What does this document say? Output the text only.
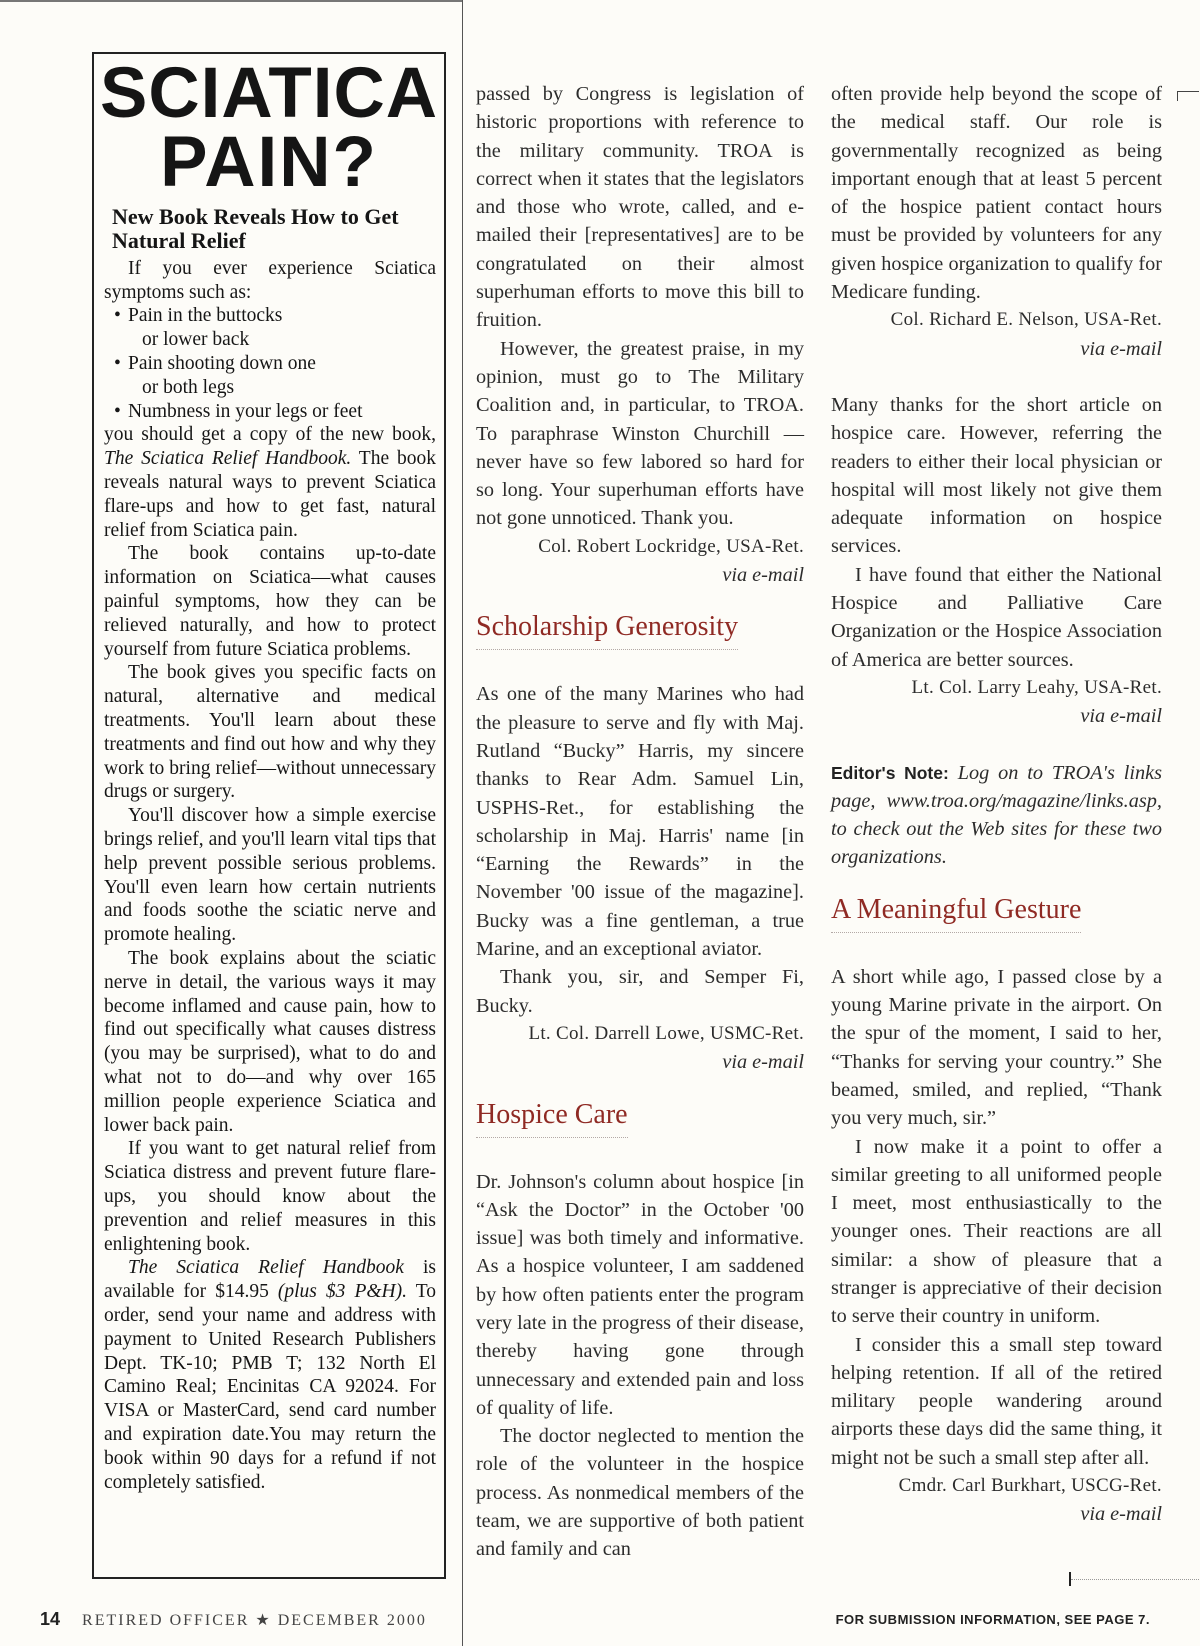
SCIATICA
PAIN?
New Book Reveals How to Get Natural Relief

If you ever experience Sciatica symptoms such as:

• Pain in the buttocks
or lower back
• Pain shooting down one
or both legs
• Numbness in your legs or feet

you should get a copy of the new book, The Sciatica Relief Handbook. The book reveals natural ways to prevent Sciatica flare-ups and how to get fast, natural relief from Sciatica pain.

The book contains up-to-date information on Sciatica—what causes painful symptoms, how they can be relieved naturally, and how to protect yourself from future Sciatica problems.

The book gives you specific facts on natural, alternative and medical treatments. You'll learn about these treatments and find out how and why they work to bring relief—without unnecessary drugs or surgery.

You'll discover how a simple exercise brings relief, and you'll learn vital tips that help prevent possible serious problems. You'll even learn how certain nutrients and foods soothe the sciatic nerve and promote healing.

The book explains about the sciatic nerve in detail, the various ways it may become inflamed and cause pain, how to find out specifically what causes distress (you may be surprised), what to do and what not to do—and why over 165 million people experience Sciatica and lower back pain.

If you want to get natural relief from Sciatica distress and prevent future flare-ups, you should know about the prevention and relief measures in this enlightening book.

The Sciatica Relief Handbook is available for $14.95 (plus $3 P&H). To order, send your name and address with payment to United Research Publishers Dept. TK-10; PMB T; 132 North El Camino Real; Encinitas CA 92024. For VISA or MasterCard, send card number and expiration date.You may return the book within 90 days for a refund if not completely satisfied.

passed by Congress is legislation of historic proportions with reference to the military community. TROA is correct when it states that the legislators and those who wrote, called, and e-mailed their [representatives] are to be congratulated on their almost superhuman efforts to move this bill to fruition.

However, the greatest praise, in my opinion, must go to The Military Coalition and, in particular, to TROA. To paraphrase Winston Churchill — never have so few labored so hard for so long. Your superhuman efforts have not gone unnoticed. Thank you.

Col. Robert Lockridge, USA-Ret.
via e-mail
Scholarship Generosity

As one of the many Marines who had the pleasure to serve and fly with Maj. Rutland “Bucky” Harris, my sincere thanks to Rear Adm. Samuel Lin, USPHS-Ret., for establishing the scholarship in Maj. Harris' name [in “Earning the Rewards” in the November '00 issue of the magazine]. Bucky was a fine gentleman, a true Marine, and an exceptional aviator.

Thank you, sir, and Semper Fi, Bucky.

Lt. Col. Darrell Lowe, USMC-Ret.
via e-mail
Hospice Care

Dr. Johnson's column about hospice [in “Ask the Doctor” in the October '00 issue] was both timely and informative. As a hospice volunteer, I am saddened by how often patients enter the program very late in the progress of their disease, thereby having gone through unnecessary and extended pain and loss of quality of life.

The doctor neglected to mention the role of the volunteer in the hospice process. As nonmedical members of the team, we are supportive of both patient and family and can

often provide help beyond the scope of the medical staff. Our role is governmentally recognized as being important enough that at least 5 percent of the hospice patient contact hours must be provided by volunteers for any given hospice organization to qualify for Medicare funding.

Col. Richard E. Nelson, USA-Ret.
via e-mail

Many thanks for the short article on hospice care. However, referring the readers to either their local physician or hospital will most likely not give them adequate information on hospice services.

I have found that either the National Hospice and Palliative Care Organization or the Hospice Association of America are better sources.

Lt. Col. Larry Leahy, USA-Ret.
via e-mail

Editor's Note: Log on to TROA's links page, www.troa.org/magazine/links.asp, to check out the Web sites for these two organizations.

A Meaningful Gesture

A short while ago, I passed close by a young Marine private in the airport. On the spur of the moment, I said to her, “Thanks for serving your country.” She beamed, smiled, and replied, “Thank you very much, sir.”

I now make it a point to offer a similar greeting to all uniformed people I meet, most enthusiastically to the younger ones. Their reactions are all similar: a show of pleasure that a stranger is appreciative of their decision to serve their country in uniform.

I consider this a small step toward helping retention. If all of the retired military people wandering around airports these days did the same thing, it might not be such a small step after all.

Cmdr. Carl Burkhart, USCG-Ret.
via e-mail
14 RETIRED OFFICER ★ DECEMBER 2000	FOR SUBMISSION INFORMATION, SEE PAGE 7.
